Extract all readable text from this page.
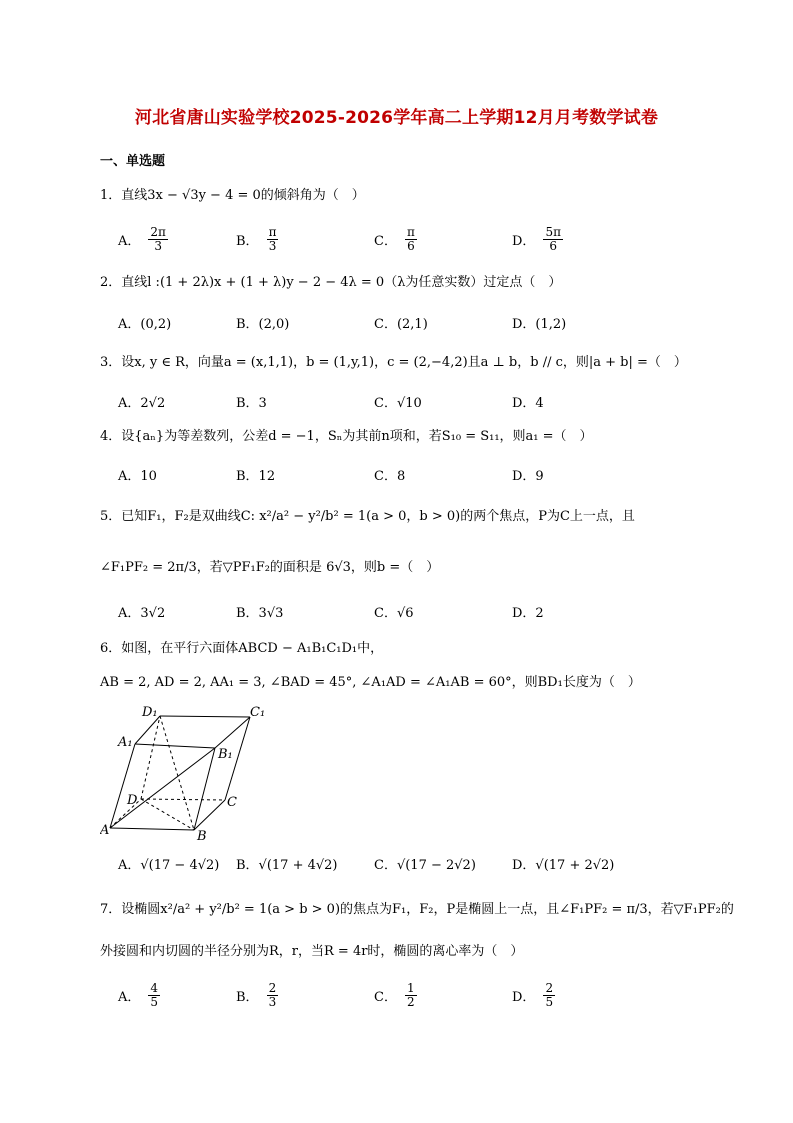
河北省唐山实验学校2025-2026学年高二上学期12月月考数学试卷
一、单选题
1．直线3x − √3y − 4 = 0的倾斜角为（　）
A． $\frac{2\pi}{3}$	B． $\frac{\pi}{3}$	C． $\frac{\pi}{6}$	D． $\frac{5\pi}{6}$
2．直线l :(1 + 2λ)x + (1 + λ)y − 2 − 4λ = 0（λ为任意实数）过定点（　）
A．(0,2)	B．(2,0)	C．(2,1)	D．(1,2)
3．设x, y ∈ R，向量a = (x,1,1)，b = (1,y,1)，c = (2,−4,2)且a ⊥ b，b // c，则|a + b| =（　）
A．2√2	B．3	C．√10	D．4
4．设{aₙ}为等差数列，公差d = −1，Sₙ为其前n项和，若S₁₀ = S₁₁，则a₁ =（　）
A．10	B．12	C．8	D．9
5．已知F₁，F₂是双曲线C: x²/a² − y²/b² = 1(a > 0，b > 0)的两个焦点，P为C上一点，且
∠F₁PF₂ = 2π/3，若▽PF₁F₂的面积是 6√3，则b =（　）
A．3√2	B．3√3	C．√6	D．2
6．如图，在平行六面体ABCD − A₁B₁C₁D₁中，
AB = 2, AD = 2, AA₁ = 3, ∠BAD = 45°, ∠A₁AD = ∠A₁AB = 60°，则BD₁长度为（　）
D₁	C₁
A₁
B₁
D	C
A	B
A．√(17 − 4√2) B．√(17 + 4√2)	C．√(17 − 2√2)	D．√(17 + 2√2)
7．设椭圆x²/a² + y²/b² = 1(a > b > 0)的焦点为F₁，F₂，P是椭圆上一点，且∠F₁PF₂ = π/3，若▽F₁PF₂的
外接圆和内切圆的半径分别为R，r，当R = 4r时，椭圆的离心率为（　）
A． $\frac{4}{5}$	B． $\frac{2}{3}$	C． $\frac{1}{2}$	D． $\frac{2}{5}$
